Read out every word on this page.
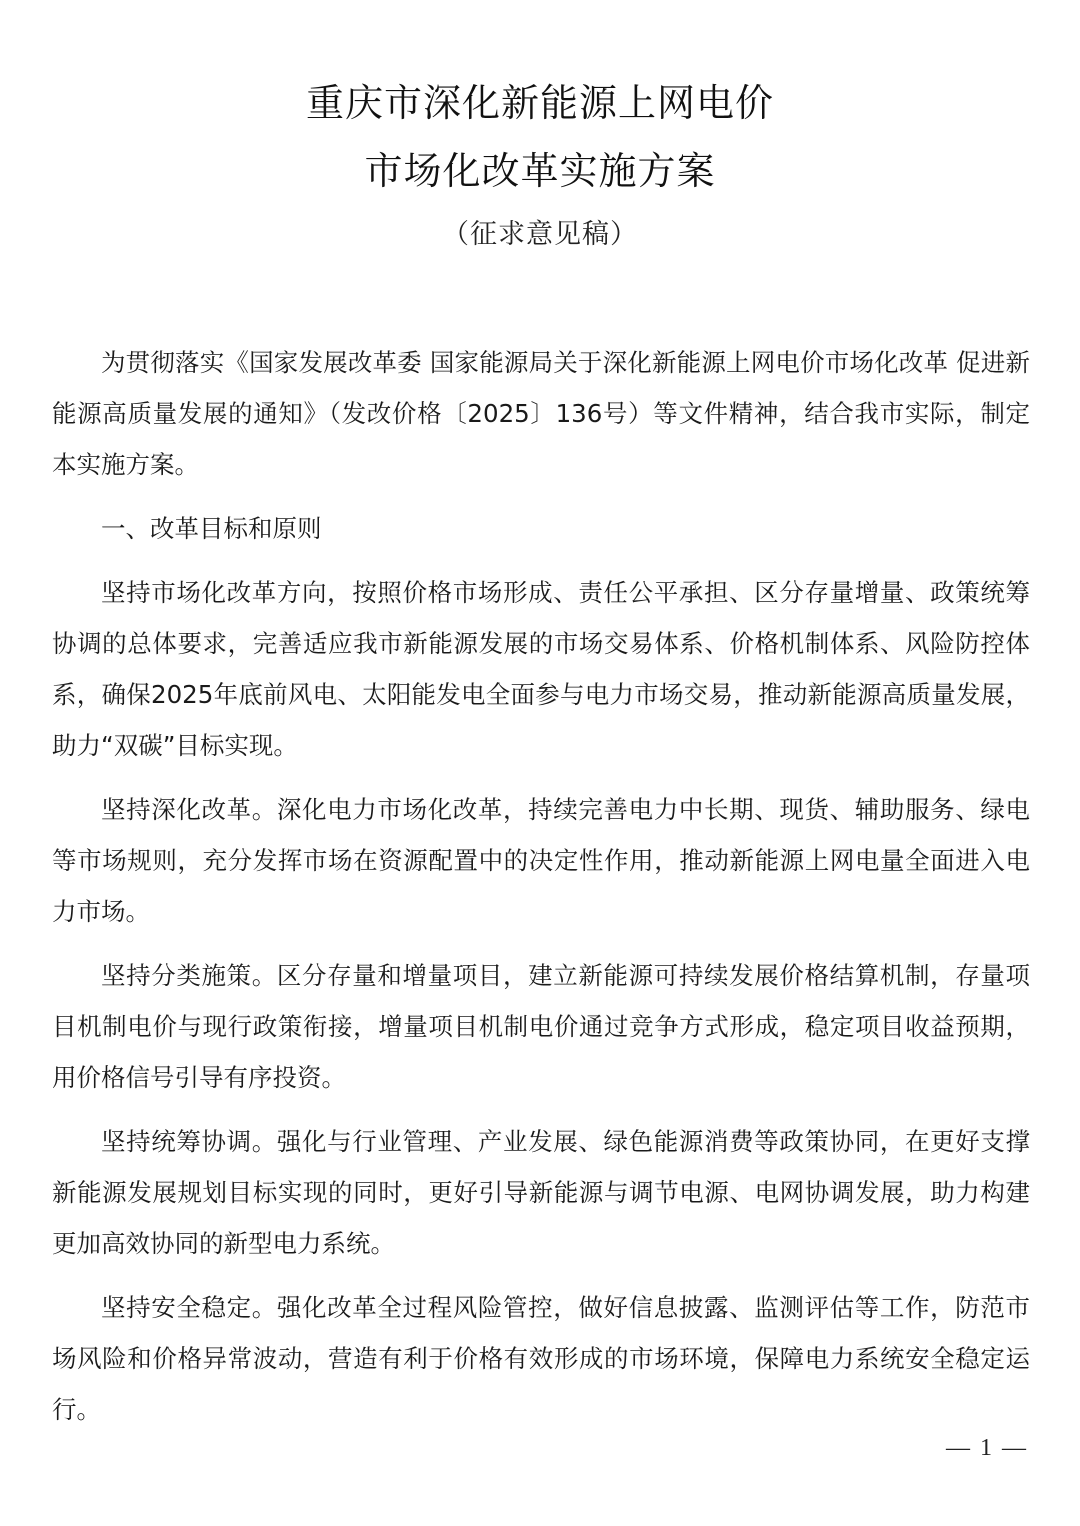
重庆市深化新能源上网电价
市场化改革实施方案
（征求意见稿）

为贯彻落实《国家发展改革委 国家能源局关于深化新能源上网电价市场化改革 促进新能源高质量发展的通知》（发改价格〔2025〕136号）等文件精神，结合我市实际，制定本实施方案。

一、改革目标和原则

坚持市场化改革方向，按照价格市场形成、责任公平承担、区分存量增量、政策统筹协调的总体要求，完善适应我市新能源发展的市场交易体系、价格机制体系、风险防控体系，确保2025年底前风电、太阳能发电全面参与电力市场交易，推动新能源高质量发展，助力“双碳”目标实现。

坚持深化改革。深化电力市场化改革，持续完善电力中长期、现货、辅助服务、绿电等市场规则，充分发挥市场在资源配置中的决定性作用，推动新能源上网电量全面进入电力市场。

坚持分类施策。区分存量和增量项目，建立新能源可持续发展价格结算机制，存量项目机制电价与现行政策衔接，增量项目机制电价通过竞争方式形成，稳定项目收益预期，用价格信号引导有序投资。

坚持统筹协调。强化与行业管理、产业发展、绿色能源消费等政策协同，在更好支撑新能源发展规划目标实现的同时，更好引导新能源与调节电源、电网协调发展，助力构建更加高效协同的新型电力系统。

坚持安全稳定。强化改革全过程风险管控，做好信息披露、监测评估等工作，防范市场风险和价格异常波动，营造有利于价格有效形成的市场环境，保障电力系统安全稳定运行。

— 1 —
